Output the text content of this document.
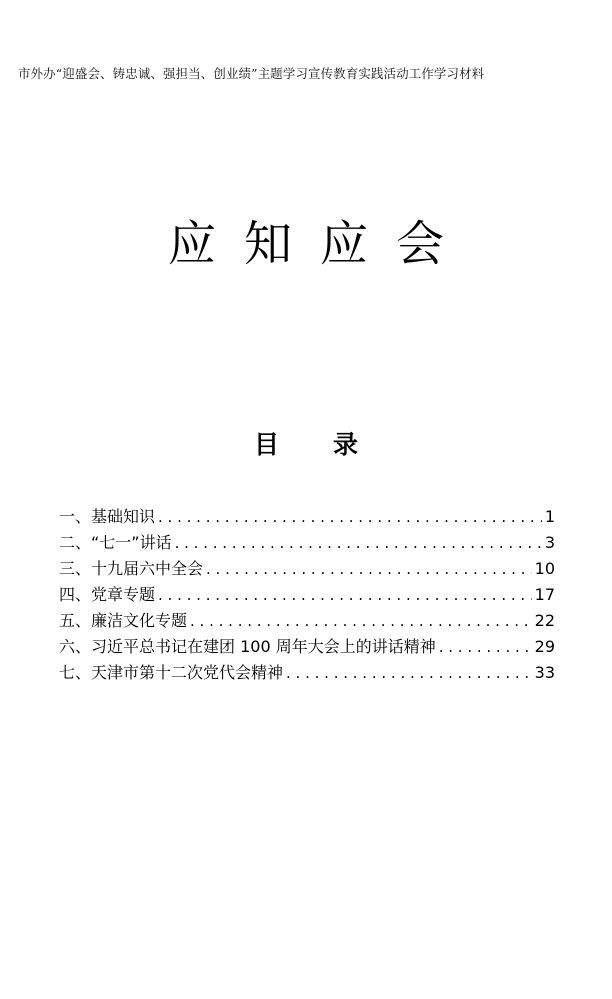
市外办“迎盛会、铸忠诚、强担当、创业绩”主题学习宣传教育实践活动工作学习材料
应知应会
目 录
一、基础知识 . . .	1
二、“七一”讲话 . . .	3
三、十九届六中全会 . . .	10
四、党章专题 . . .	17
五、廉洁文化专题 . . .	22
六、习近平总书记在建团 100 周年大会上的讲话精神 . . .	29
七、天津市第十二次党代会精神 . . .	33
